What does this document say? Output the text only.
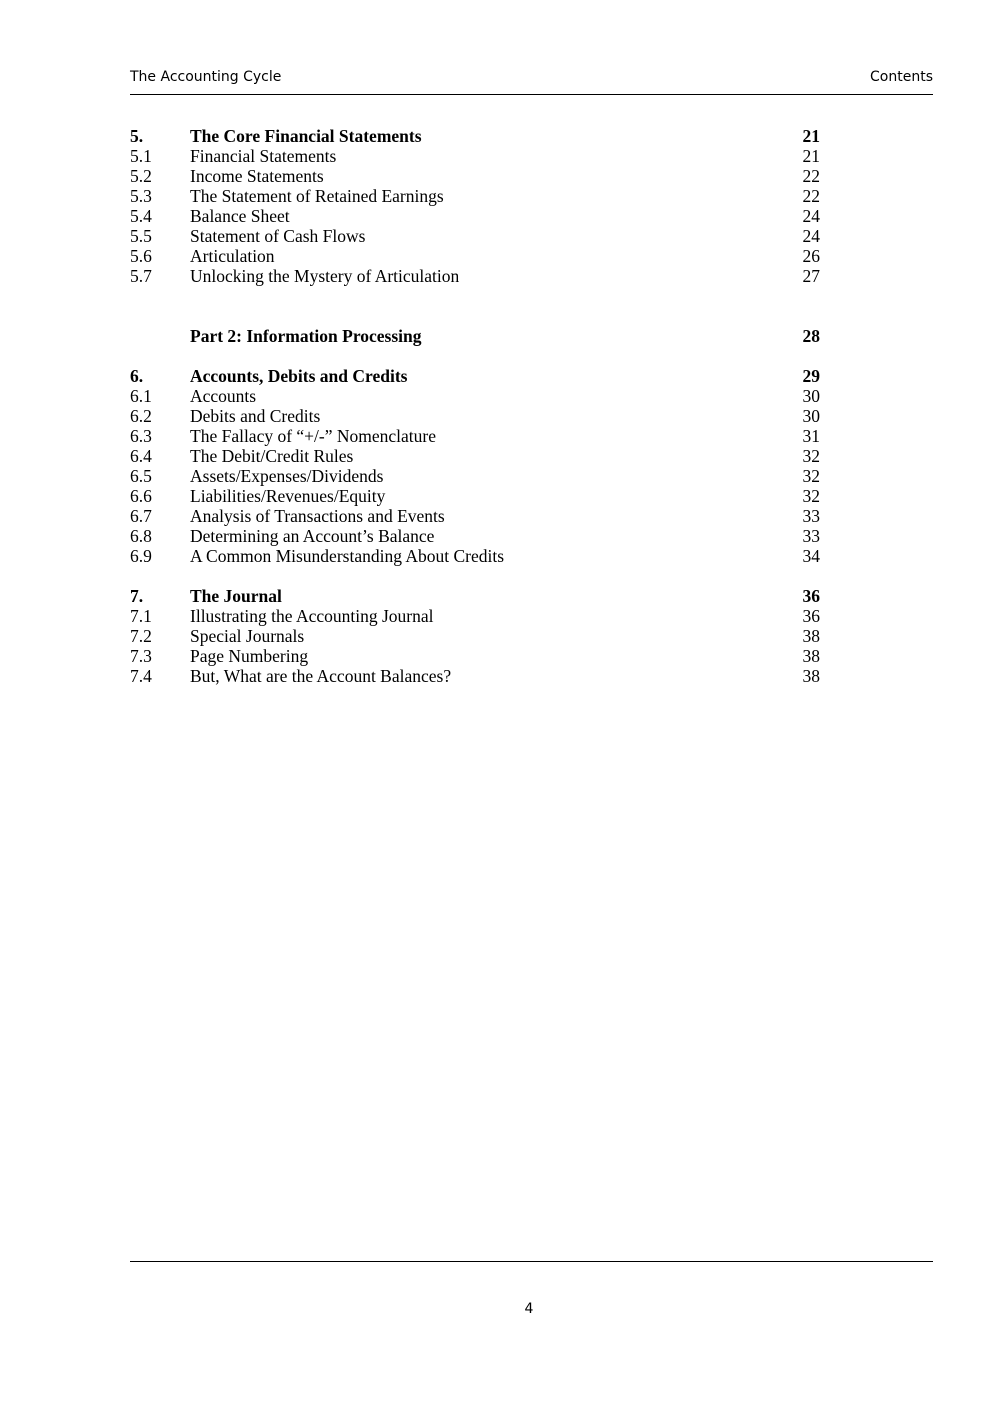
The Accounting Cycle	Contents
5.	The Core Financial Statements	21
5.1 Financial Statements	21
5.2 Income Statements	22
5.3 The Statement of Retained Earnings	22
5.4 Balance Sheet	24
5.5 Statement of Cash Flows	24
5.6 Articulation	26
5.7 Unlocking the Mystery of Articulation	27
Part 2: Information Processing	28
6.	Accounts, Debits and Credits	29
6.1 Accounts	30
6.2 Debits and Credits	30
6.3 The Fallacy of “+/-” Nomenclature	31
6.4 The Debit/Credit Rules	32
6.5 Assets/Expenses/Dividends	32
6.6 Liabilities/Revenues/Equity	32
6.7 Analysis of Transactions and Events	33
6.8 Determining an Account’s Balance	33
6.9 A Common Misunderstanding About Credits	34
7.	The Journal	36
7.1 Illustrating the Accounting Journal	36
7.2 Special Journals	38
7.3 Page Numbering	38
7.4 But, What are the Account Balances?	38
4
